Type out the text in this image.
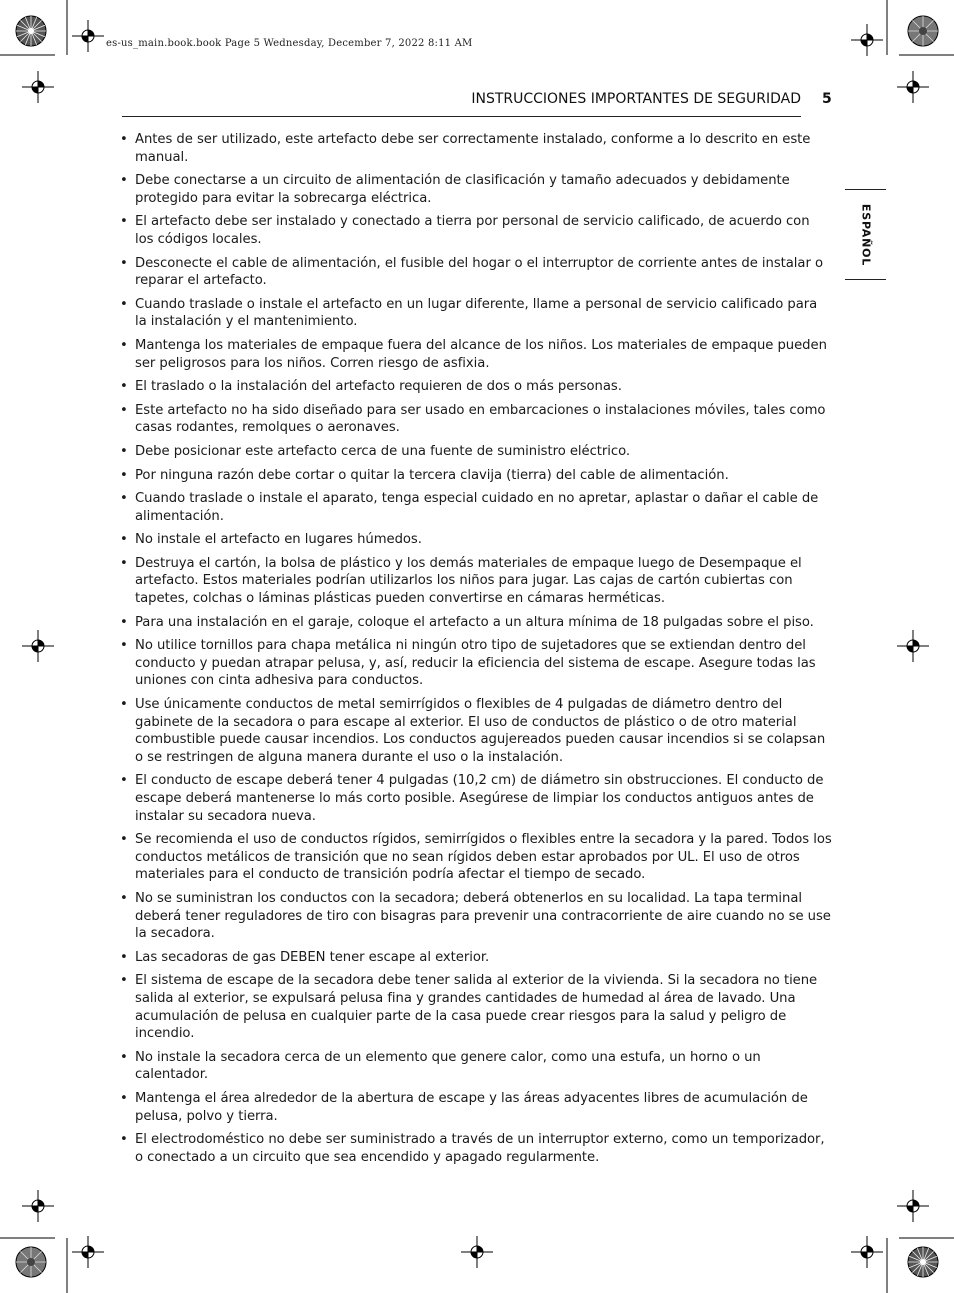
es-us_main.book.book Page 5 Wednesday, December 7, 2022 8:11 AM
INSTRUCCIONES IMPORTANTES DE SEGURIDAD 5
ESPAÑOL
• Antes de ser utilizado, este artefacto debe ser correctamente instalado, conforme a lo descrito en este manual.
• Debe conectarse a un circuito de alimentación de clasificación y tamaño adecuados y debidamente protegido para evitar la sobrecarga eléctrica.
• El artefacto debe ser instalado y conectado a tierra por personal de servicio calificado, de acuerdo con los códigos locales.
• Desconecte el cable de alimentación, el fusible del hogar o el interruptor de corriente antes de instalar o reparar el artefacto.
• Cuando traslade o instale el artefacto en un lugar diferente, llame a personal de servicio calificado para la instalación y el mantenimiento.
• Mantenga los materiales de empaque fuera del alcance de los niños. Los materiales de empaque pueden ser peligrosos para los niños. Corren riesgo de asfixia.
• El traslado o la instalación del artefacto requieren de dos o más personas.
• Este artefacto no ha sido diseñado para ser usado en embarcaciones o instalaciones móviles, tales como casas rodantes, remolques o aeronaves.
• Debe posicionar este artefacto cerca de una fuente de suministro eléctrico.
• Por ninguna razón debe cortar o quitar la tercera clavija (tierra) del cable de alimentación.
• Cuando traslade o instale el aparato, tenga especial cuidado en no apretar, aplastar o dañar el cable de alimentación.
• No instale el artefacto en lugares húmedos.
• Destruya el cartón, la bolsa de plástico y los demás materiales de empaque luego de Desempaque el artefacto. Estos materiales podrían utilizarlos los niños para jugar. Las cajas de cartón cubiertas con tapetes, colchas o láminas plásticas pueden convertirse en cámaras herméticas.
• Para una instalación en el garaje, coloque el artefacto a un altura mínima de 18 pulgadas sobre el piso.
• No utilice tornillos para chapa metálica ni ningún otro tipo de sujetadores que se extiendan dentro del conducto y puedan atrapar pelusa, y, así, reducir la eficiencia del sistema de escape. Asegure todas las uniones con cinta adhesiva para conductos.
• Use únicamente conductos de metal semirrígidos o flexibles de 4 pulgadas de diámetro dentro del gabinete de la secadora o para escape al exterior. El uso de conductos de plástico o de otro material combustible puede causar incendios. Los conductos agujereados pueden causar incendios si se colapsan o se restringen de alguna manera durante el uso o la instalación.
• El conducto de escape deberá tener 4 pulgadas (10,2 cm) de diámetro sin obstrucciones. El conducto de escape deberá mantenerse lo más corto posible. Asegúrese de limpiar los conductos antiguos antes de instalar su secadora nueva.
• Se recomienda el uso de conductos rígidos, semirrígidos o flexibles entre la secadora y la pared. Todos los conductos metálicos de transición que no sean rígidos deben estar aprobados por UL. El uso de otros materiales para el conducto de transición podría afectar el tiempo de secado.
• No se suministran los conductos con la secadora; deberá obtenerlos en su localidad. La tapa terminal deberá tener reguladores de tiro con bisagras para prevenir una contracorriente de aire cuando no se use la secadora.
• Las secadoras de gas DEBEN tener escape al exterior.
• El sistema de escape de la secadora debe tener salida al exterior de la vivienda. Si la secadora no tiene salida al exterior, se expulsará pelusa fina y grandes cantidades de humedad al área de lavado. Una acumulación de pelusa en cualquier parte de la casa puede crear riesgos para la salud y peligro de incendio.
• No instale la secadora cerca de un elemento que genere calor, como una estufa, un horno o un calentador.
• Mantenga el área alrededor de la abertura de escape y las áreas adyacentes libres de acumulación de pelusa, polvo y tierra.
• El electrodoméstico no debe ser suministrado a través de un interruptor externo, como un temporizador, o conectado a un circuito que sea encendido y apagado regularmente.
